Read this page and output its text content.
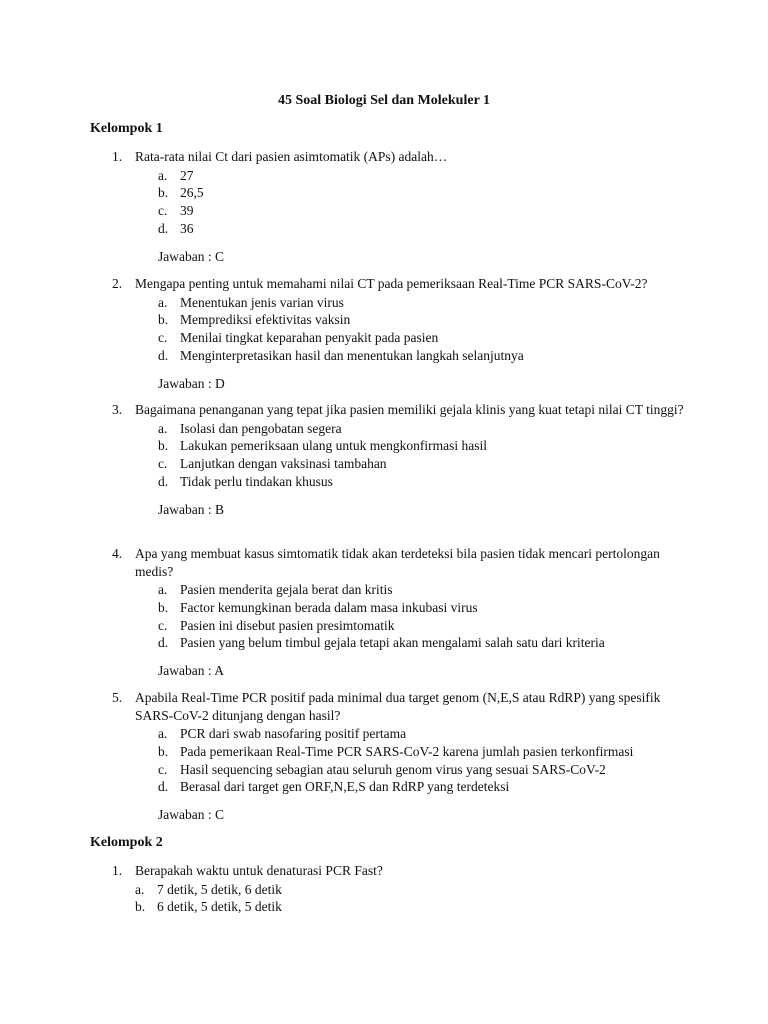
45 Soal Biologi Sel dan Molekuler 1
Kelompok 1
1. Rata-rata nilai Ct dari pasien asimtomatik (APs) adalah…
a. 27
b. 26,5
c. 39
d. 36
Jawaban : C
2. Mengapa penting untuk memahami nilai CT pada pemeriksaan Real-Time PCR SARS-CoV-2?
a. Menentukan jenis varian virus
b. Memprediksi efektivitas vaksin
c. Menilai tingkat keparahan penyakit pada pasien
d. Menginterpretasikan hasil dan menentukan langkah selanjutnya
Jawaban : D
3. Bagaimana penanganan yang tepat jika pasien memiliki gejala klinis yang kuat tetapi nilai CT tinggi?
a. Isolasi dan pengobatan segera
b. Lakukan pemeriksaan ulang untuk mengkonfirmasi hasil
c. Lanjutkan dengan vaksinasi tambahan
d. Tidak perlu tindakan khusus
Jawaban : B
4. Apa yang membuat kasus simtomatik tidak akan terdeteksi bila pasien tidak mencari pertolongan medis?
a. Pasien menderita gejala berat dan kritis
b. Factor kemungkinan berada dalam masa inkubasi virus
c. Pasien ini disebut pasien presimtomatik
d. Pasien yang belum timbul gejala tetapi akan mengalami salah satu dari kriteria
Jawaban : A
5. Apabila Real-Time PCR positif pada minimal dua target genom (N,E,S atau RdRP) yang spesifik SARS-CoV-2 ditunjang dengan hasil?
a. PCR dari swab nasofaring positif pertama
b. Pada pemerikaan Real-Time PCR SARS-CoV-2 karena jumlah pasien terkonfirmasi
c. Hasil sequencing sebagian atau seluruh genom virus yang sesuai SARS-CoV-2
d. Berasal dari target gen ORF,N,E,S dan RdRP yang terdeteksi
Jawaban : C
Kelompok 2
1. Berapakah waktu untuk denaturasi PCR Fast?
a. 7 detik, 5 detik, 6 detik
b. 6 detik, 5 detik, 5 detik
